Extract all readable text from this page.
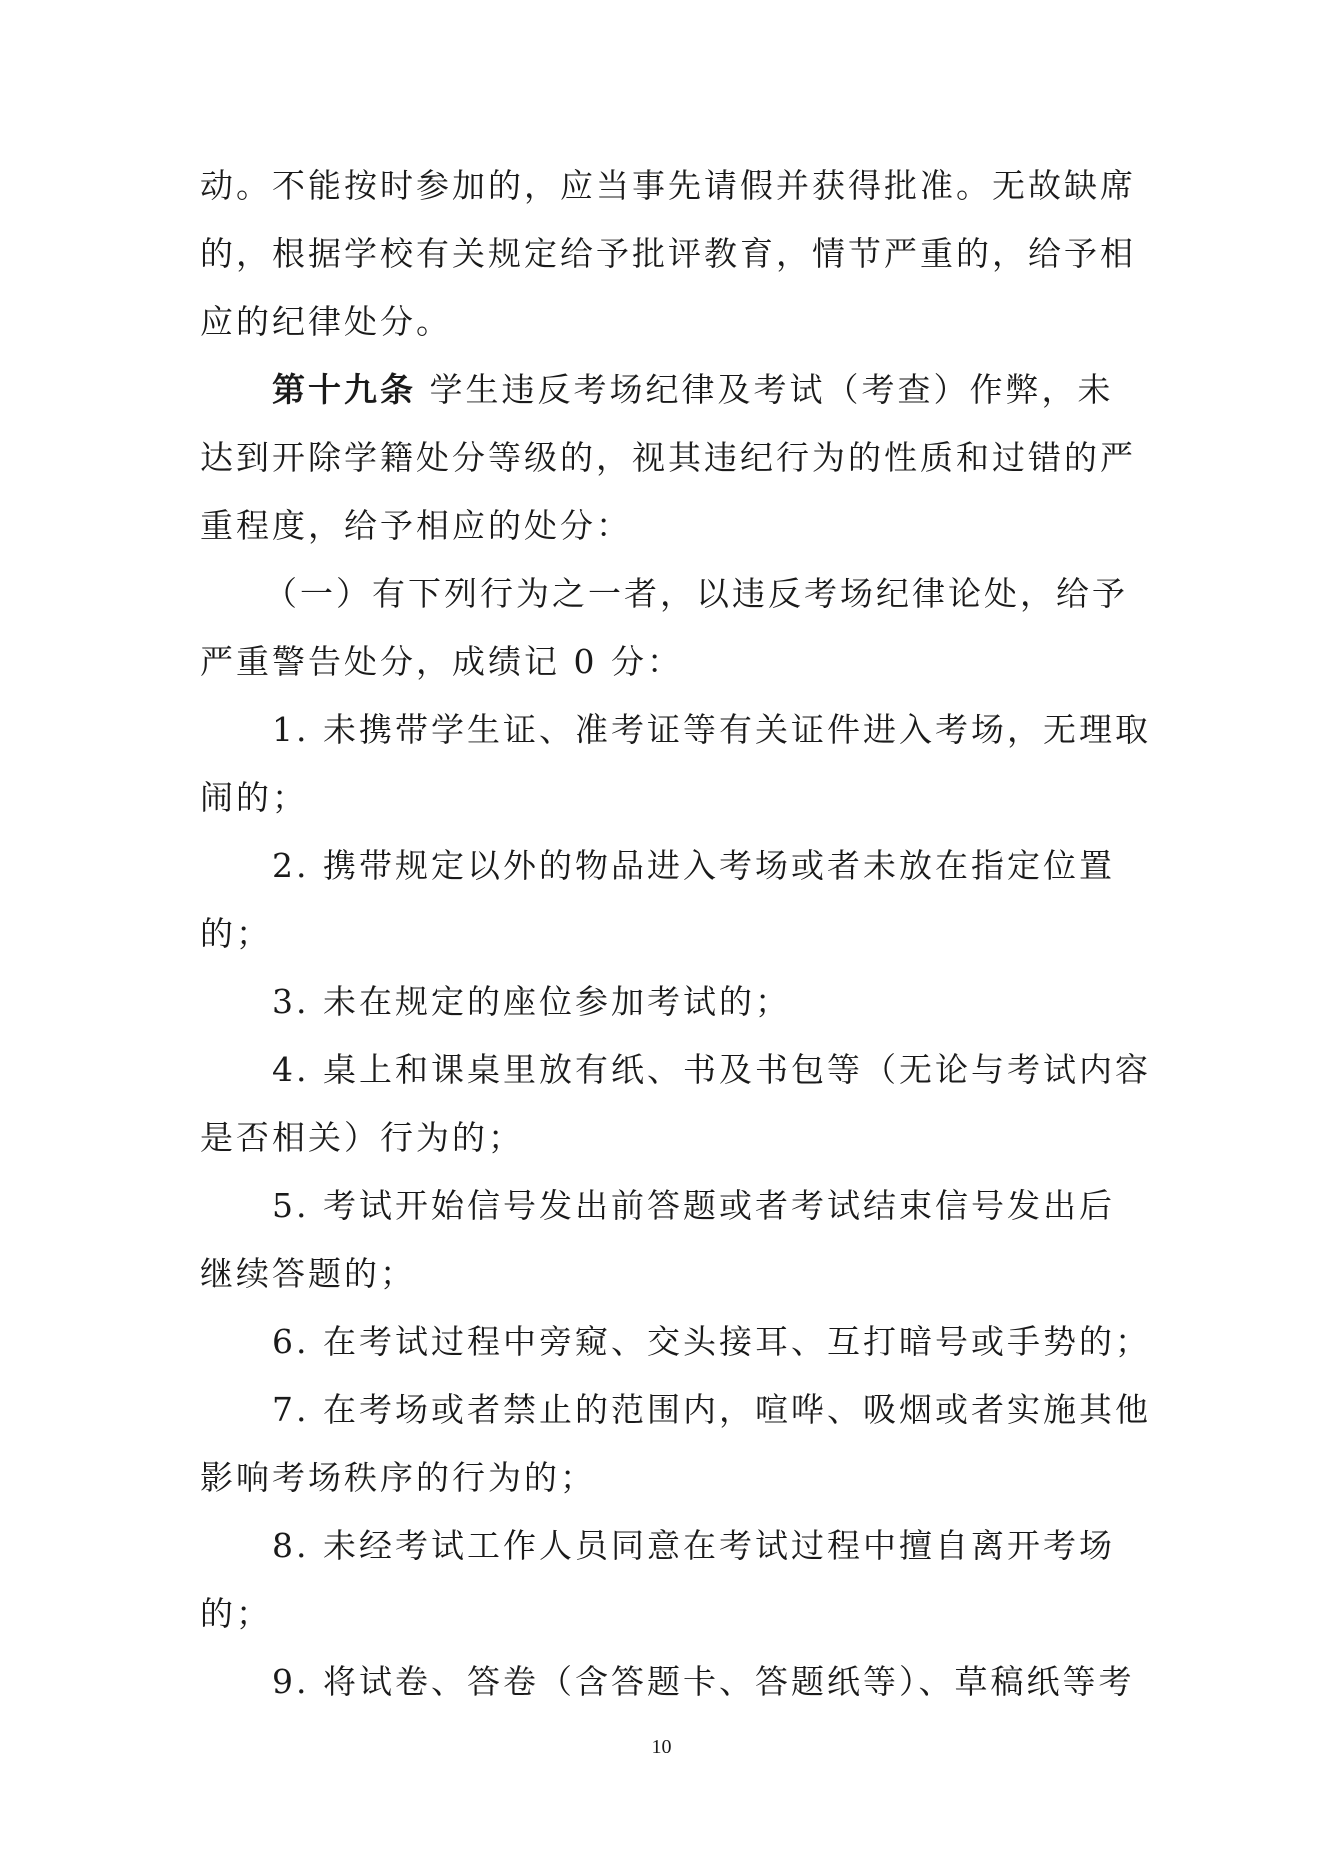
动。不能按时参加的，应当事先请假并获得批准。无故缺席
的，根据学校有关规定给予批评教育，情节严重的，给予相
应的纪律处分。
第十九条 学生违反考场纪律及考试（考查）作弊，未
达到开除学籍处分等级的，视其违纪行为的性质和过错的严
重程度，给予相应的处分：
（一）有下列行为之一者，以违反考场纪律论处，给予
严重警告处分，成绩记 0 分：
1. 未携带学生证、准考证等有关证件进入考场，无理取
闹的；
2. 携带规定以外的物品进入考场或者未放在指定位置
的；
3. 未在规定的座位参加考试的；
4. 桌上和课桌里放有纸、书及书包等（无论与考试内容
是否相关）行为的；
5. 考试开始信号发出前答题或者考试结束信号发出后
继续答题的；
6. 在考试过程中旁窥、交头接耳、互打暗号或手势的；
7. 在考场或者禁止的范围内，喧哗、吸烟或者实施其他
影响考场秩序的行为的；
8. 未经考试工作人员同意在考试过程中擅自离开考场
的；
9. 将试卷、答卷（含答题卡、答题纸等）、草稿纸等考
10
